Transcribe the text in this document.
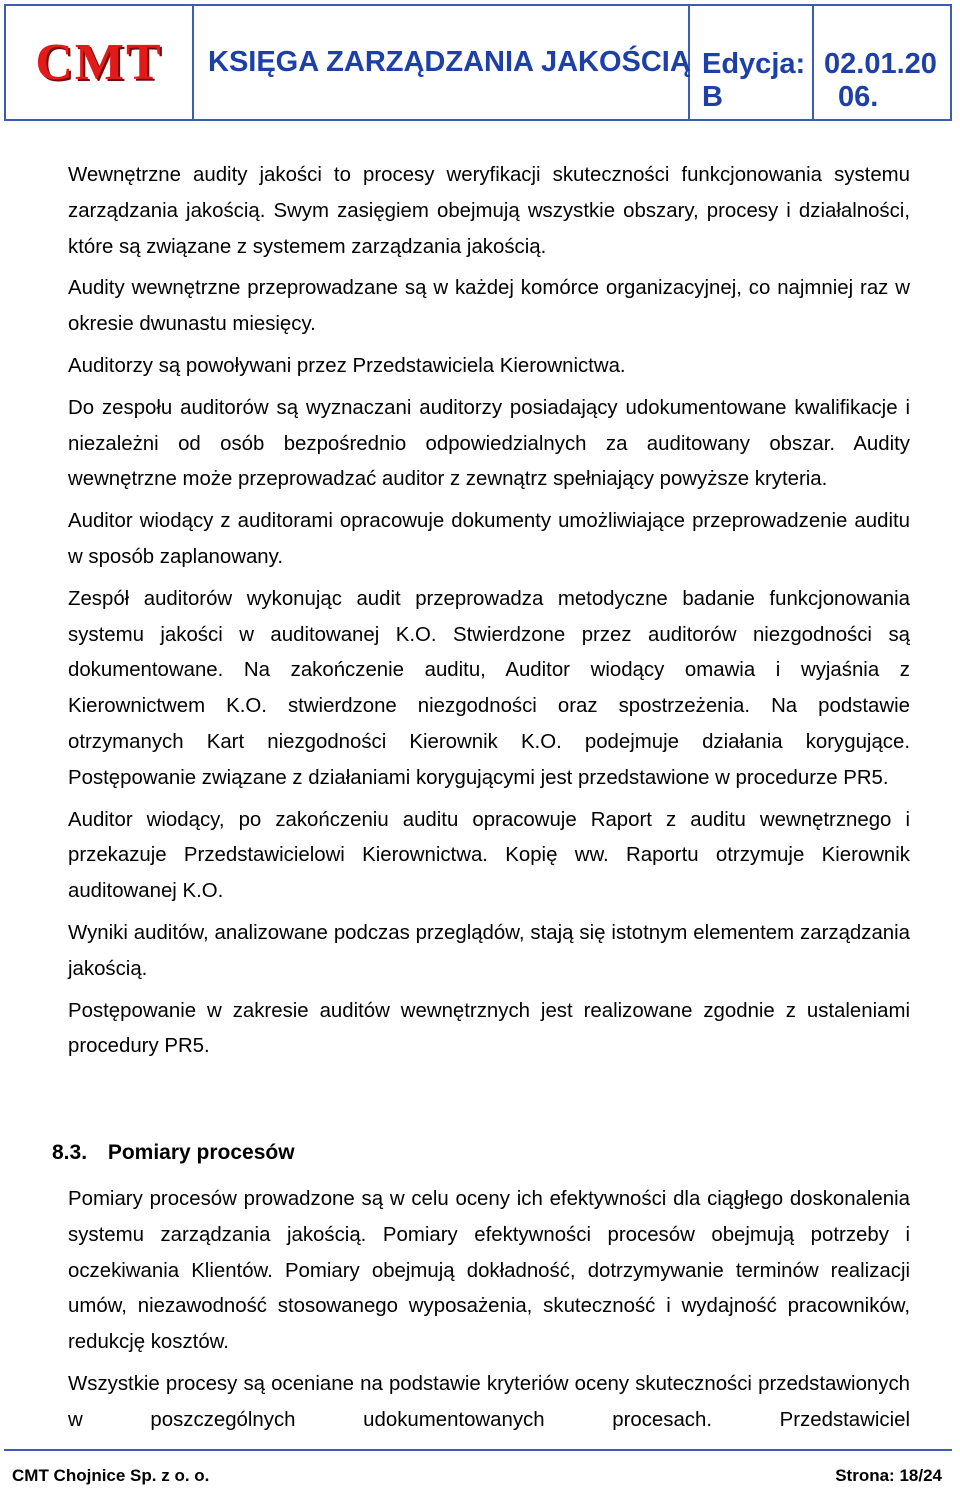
CMT KSIĘGA ZARZĄDZANIA JAKOŚCIĄ Edycja:
B
02.01.20
06.

Wewnętrzne audity jakości to procesy weryfikacji skuteczności funkcjonowania systemu zarządzania jakością. Swym zasięgiem obejmują wszystkie obszary, procesy i działalności, które są związane z systemem zarządzania jakością.

Audity wewnętrzne przeprowadzane są w każdej komórce organizacyjnej, co najmniej raz w okresie dwunastu miesięcy.

Auditorzy są powoływani przez Przedstawiciela Kierownictwa.

Do zespołu auditorów są wyznaczani auditorzy posiadający udokumentowane kwalifikacje i niezależni od osób bezpośrednio odpowiedzialnych za auditowany obszar. Audity wewnętrzne może przeprowadzać auditor z zewnątrz spełniający powyższe kryteria.

Auditor wiodący z auditorami opracowuje dokumenty umożliwiające przeprowadzenie auditu w sposób zaplanowany.

Zespół auditorów wykonując audit przeprowadza metodyczne badanie funkcjonowania systemu jakości w auditowanej K.O. Stwierdzone przez auditorów niezgodności są dokumentowane. Na zakończenie auditu, Auditor wiodący omawia i wyjaśnia z Kierownictwem K.O. stwierdzone niezgodności oraz spostrzeżenia. Na podstawie otrzymanych Kart niezgodności Kierownik K.O. podejmuje działania korygujące. Postępowanie związane z działaniami korygującymi jest przedstawione w procedurze PR5.

Auditor wiodący, po zakończeniu auditu opracowuje Raport z auditu wewnętrznego i przekazuje Przedstawicielowi Kierownictwa. Kopię ww. Raportu otrzymuje Kierownik auditowanej K.O.

Wyniki auditów, analizowane podczas przeglądów, stają się istotnym elementem zarządzania jakością.

Postępowanie w zakresie auditów wewnętrznych jest realizowane zgodnie z ustaleniami procedury PR5.

8.3. Pomiary procesów

Pomiary procesów prowadzone są w celu oceny ich efektywności dla ciągłego doskonalenia systemu zarządzania jakością. Pomiary efektywności procesów obejmują potrzeby i oczekiwania Klientów. Pomiary obejmują dokładność, dotrzymywanie terminów realizacji umów, niezawodność stosowanego wyposażenia, skuteczność i wydajność pracowników, redukcję kosztów.

Wszystkie procesy są oceniane na podstawie kryteriów oceny skuteczności przedstawionych w poszczególnych udokumentowanych procesach. Przedstawiciel

CMT Chojnice Sp. z o. o.	Strona: 18/24
